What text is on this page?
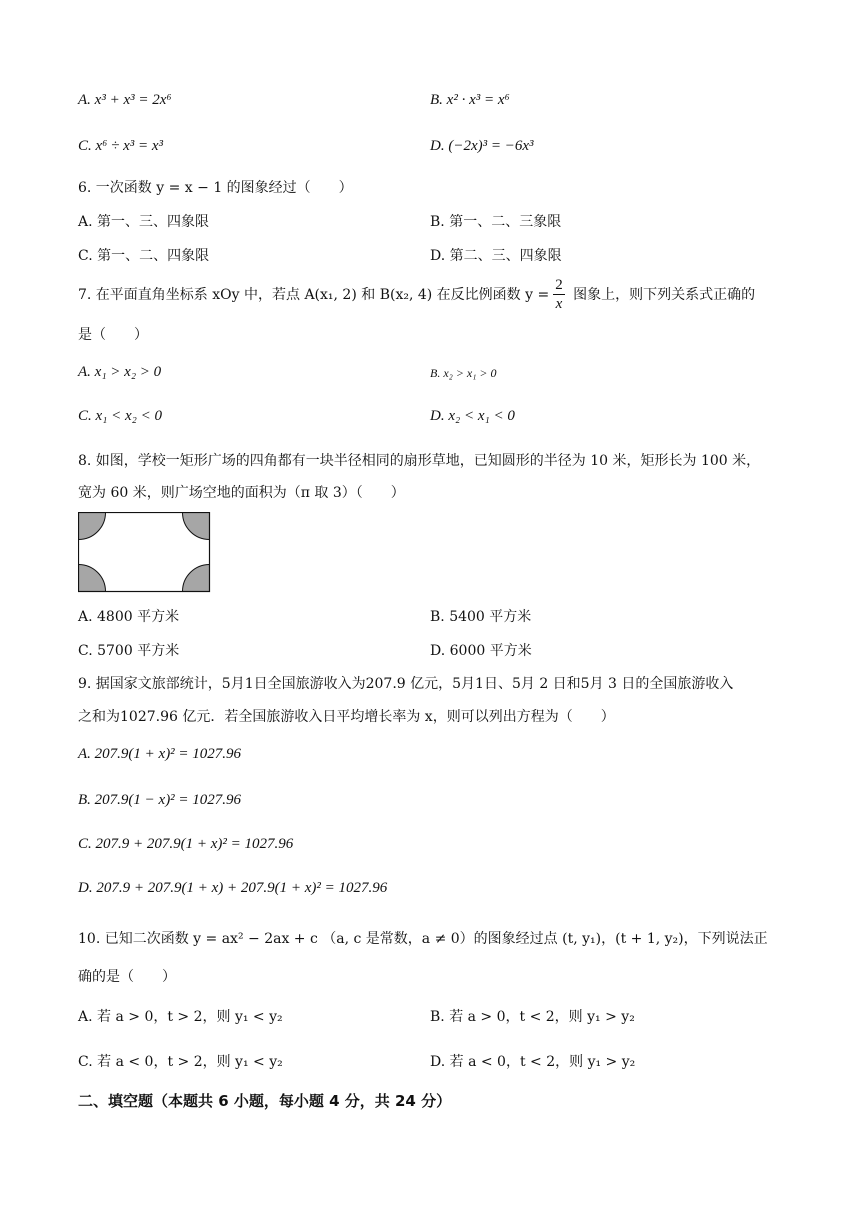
A. x³ + x³ = 2x⁶	B. x² · x³ = x⁶
C. x⁶ ÷ x³ = x³	D. (−2x)³ = −6x³
6. 一次函数 y = x − 1 的图象经过（　　）
A. 第一、三、四象限	B. 第一、二、三象限
C. 第一、二、四象限	D. 第二、三、四象限
7. 在平面直角坐标系 xOy 中，若点 A(x₁, 2) 和 B(x₂, 4) 在反比例函数 $y = \frac{2}{x}$ 图象上，则下列关系式正确的
是（　　）
A. x₁ > x₂ > 0	B. x₂ > x₁ > 0
C. x₁ < x₂ < 0	D. x₂ < x₁ < 0
8. 如图，学校一矩形广场的四角都有一块半径相同的扇形草地，已知圆形的半径为 10 米，矩形长为 100 米，
宽为 60 米，则广场空地的面积为（π 取 3）（　　）
A. 4800 平方米	B. 5400 平方米
C. 5700 平方米	D. 6000 平方米
9. 据国家文旅部统计，5月1日全国旅游收入为207.9 亿元，5月1日、5月 2 日和5月 3 日的全国旅游收入
之和为1027.96 亿元．若全国旅游收入日平均增长率为 x，则可以列出方程为（　　）
A. 207.9(1 + x)² = 1027.96
B. 207.9(1 − x)² = 1027.96
C. 207.9 + 207.9(1 + x)² = 1027.96
D. 207.9 + 207.9(1 + x) + 207.9(1 + x)² = 1027.96
10. 已知二次函数 y = ax² − 2ax + c （a, c 是常数，a ≠ 0）的图象经过点 (t, y₁)，(t + 1, y₂)，下列说法正
确的是（　　）
A. 若 a > 0，t > 2，则 y₁ < y₂	B. 若 a > 0，t < 2，则 y₁ > y₂
C. 若 a < 0，t > 2，则 y₁ < y₂	D. 若 a < 0，t < 2，则 y₁ > y₂
二、填空题（本题共 6 小题，每小题 4 分，共 24 分）
